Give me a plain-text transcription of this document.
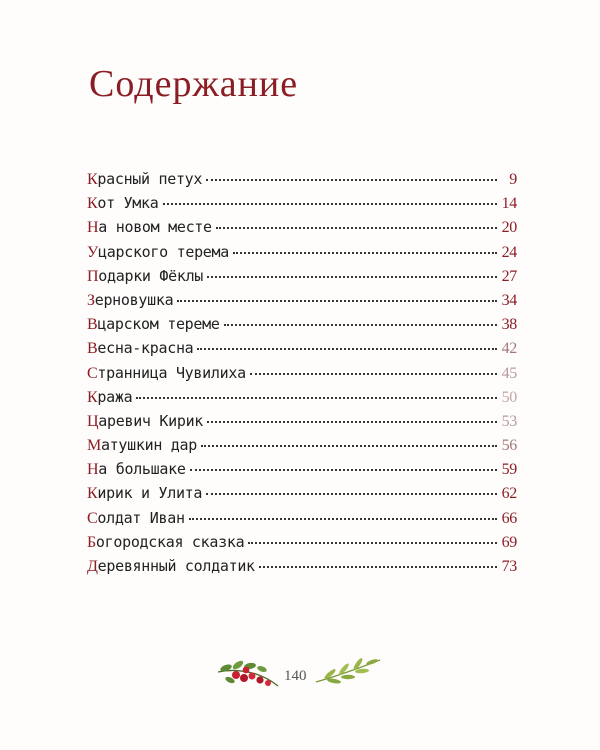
Содержание
К расный петух	9
К от Умка	14
Н а новом месте	20
У царского терема	24
П одарки Фёклы	27
З ерновушка	34
В царском тереме	38
В есна-красна	42
С транница Чувилиха	45
К ража	50
Ц аревич Кирик	53
М атушкин дар	56
Н а большаке	59
К ирик и Улита	62
С олдат Иван	66
Б огородская сказка	69
Д еревянный солдатик	73
140
